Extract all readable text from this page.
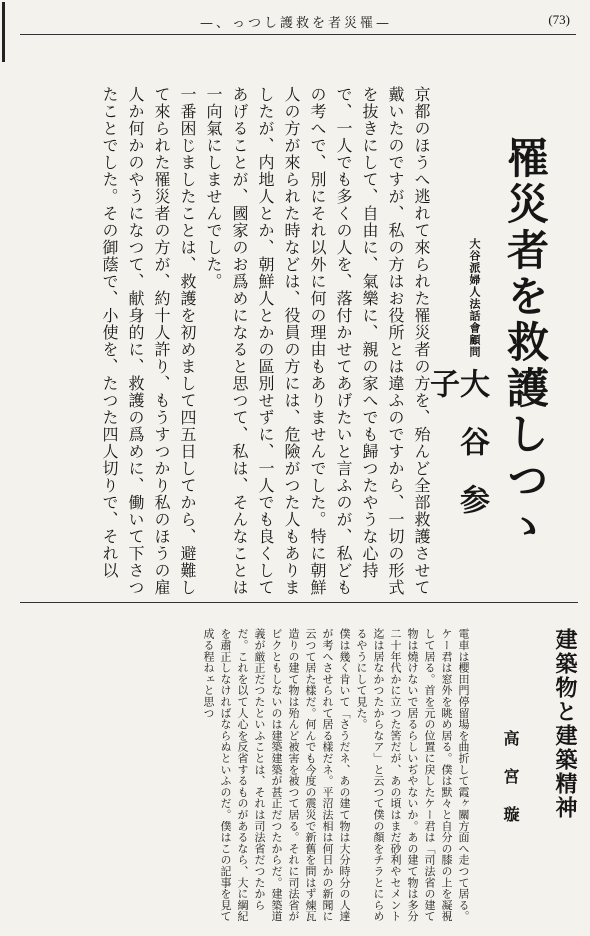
—、っつし護救を者災罹—	(73)
罹災者を救護しつゝ
大谷派婦人法話會顧問
大谷参子
京都のほうへ逃れて來られた罹災者の方を、殆んど全部救護させて戴いたのですが、私の方はお役所とは違ふのですから、一切の形式を抜きにして、自由に、氣樂に、親の家へでも歸つたやうな心持で、一人でも多くの人を、落付かせてあげたいと言ふのが、私どもの考へで、別にそれ以外に何の理由もありませんでした。特に朝鮮人の方が來られた時などは、役員の方には、危險がつた人もありましたが、内地人とか、朝鮮人とかの區別せずに、一人でも良くしてあげることが、國家のお爲めになると思つて、私は、そんなことは一向氣にしませんでした。
一番困じましたことは、救護を初めまして四五日してから、避難して來られた罹災者の方が、約十人許り、もうすつかり私のほうの雇人か何かのやうになつて、献身的に、救護の爲めに、働いて下さつたことでした。その御蔭で、小使を、たつた四人切りで、それ以
建築物と建築精神
高宮璇
電車は櫻田門停留場を曲折して霞ヶ關方面へ走つて居る。ケー君は窓外を眺め居る。僕は默々と自分の膝の上を凝視して居る。首を元の位置に戻したケー君は「司法省の建て物は燒けないで居るらしいぢやないか。あの建て物は多分二十年代かに立つた筈だが、あの頃はまだ砂利やセメント迄は居なかつたからなア」と云つて僕の顏をチラとにらめるやうにして見た。
僕は幾く肯いて「さうだネ、あの建て物は大分時分の人達が考へさせられて居る樣だネ。平沼法相は何日かの新聞に云つて居た樣だ。何んでも今度の震災で新舊を問はず煉瓦造りの建て物は殆んど被害を被つて居る。それに司法省がビクともしないのは建築建築が甚正だつたからだ。建築道義が厳正だつたといふことは、それは司法省だつたからだ。これを以て人心を反省するものがあるなら、大に綱紀を肅正しなければならぬといふのだ。僕はこの記事を見て成る程ねェと思つ
